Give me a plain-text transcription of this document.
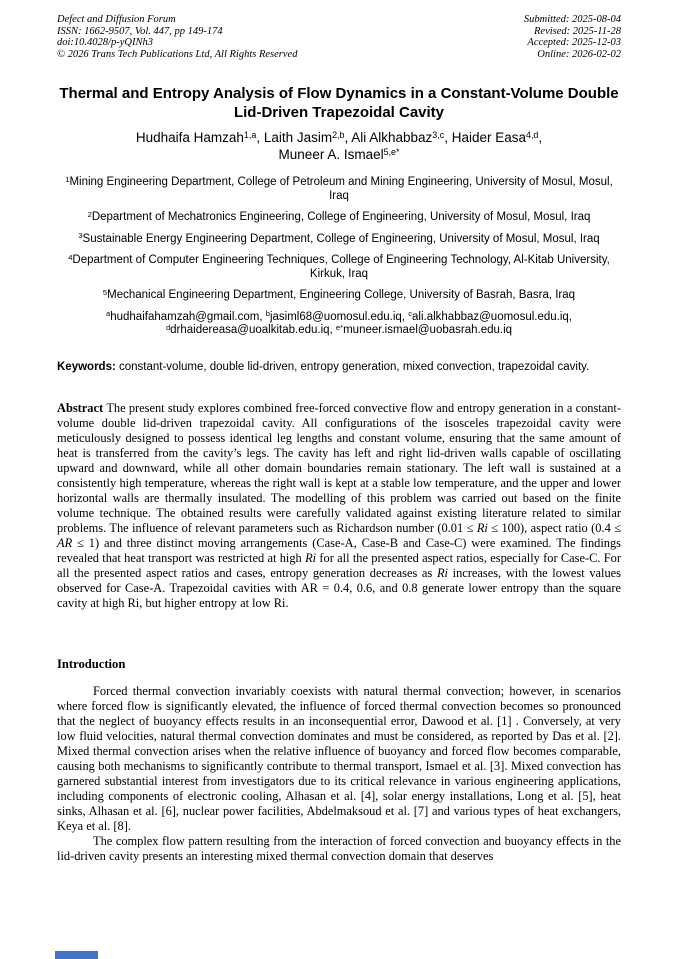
Defect and Diffusion Forum
ISSN: 1662-9507, Vol. 447, pp 149-174
doi:10.4028/p-yQINh3
© 2026 Trans Tech Publications Ltd, All Rights Reserved
Submitted: 2025-08-04
Revised: 2025-11-28
Accepted: 2025-12-03
Online: 2026-02-02
Thermal and Entropy Analysis of Flow Dynamics in a Constant-Volume Double Lid-Driven Trapezoidal Cavity
Hudhaifa Hamzah$^{1,a}$, Laith Jasim$^{2,b}$, Ali Alkhabbaz$^{3,c}$, Haider Easa$^{4,d}$,
Muneer A. Ismael$^{5,e*}$
$^1$Mining Engineering Department, College of Petroleum and Mining Engineering, University of Mosul, Mosul, Iraq
$^2$Department of Mechatronics Engineering, College of Engineering, University of Mosul, Mosul, Iraq
$^3$Sustainable Energy Engineering Department, College of Engineering, University of Mosul, Mosul, Iraq
$^4$Department of Computer Engineering Techniques, College of Engineering Technology, Al-Kitab University, Kirkuk, Iraq
$^5$Mechanical Engineering Department, Engineering College, University of Basrah, Basra, Iraq
$^a$hudhaifahamzah@gmail.com, $^b$jasiml68@uomosul.edu.iq, $^c$ali.alkhabbaz@uomosul.edu.iq, $^d$drhaidereasa@uoalkitab.edu.iq, $^{e*}$muneer.ismael@uobasrah.edu.iq

Keywords: constant-volume, double lid-driven, entropy generation, mixed convection, trapezoidal cavity.

Abstract The present study explores combined free-forced convective flow and entropy generation in a constant-volume double lid-driven trapezoidal cavity. All configurations of the isosceles trapezoidal cavity were meticulously designed to possess identical leg lengths and constant volume, ensuring that the same amount of heat is transferred from the cavity’s legs. The cavity has left and right lid-driven walls capable of oscillating upward and downward, while all other domain boundaries remain stationary. The left wall is sustained at a consistently high temperature, whereas the right wall is kept at a stable low temperature, and the upper and lower horizontal walls are thermally insulated. The modelling of this problem was carried out based on the finite volume technique. The obtained results were carefully validated against existing literature related to similar problems. The influence of relevant parameters such as Richardson number (0.01 ≤ Ri ≤ 100), aspect ratio (0.4 ≤ AR ≤ 1) and three distinct moving arrangements (Case-A, Case-B and Case-C) were examined. The findings revealed that heat transport was restricted at high Ri for all the presented aspect ratios, especially for Case-C. For all the presented aspect ratios and cases, entropy generation decreases as Ri increases, with the lowest values observed for Case-A. Trapezoidal cavities with AR = 0.4, 0.6, and 0.8 generate lower entropy than the square cavity at high Ri, but higher entropy at low Ri.

Introduction

Forced thermal convection invariably coexists with natural thermal convection; however, in scenarios where forced flow is significantly elevated, the influence of forced thermal convection becomes so pronounced that the neglect of buoyancy effects results in an inconsequential error, Dawood et al. [1] . Conversely, at very low fluid velocities, natural thermal convection dominates and must be considered, as reported by Das et al. [2]. Mixed thermal convection arises when the relative influence of buoyancy and forced flow becomes comparable, causing both mechanisms to significantly contribute to thermal transport, Ismael et al. [3]. Mixed convection has garnered substantial interest from investigators due to its critical relevance in various engineering applications, including components of electronic cooling, Alhasan et al. [4], solar energy installations, Long et al. [5], heat sinks, Alhasan et al. [6], nuclear power facilities, Abdelmaksoud et al. [7] and various types of heat exchangers, Keya et al. [8].

The complex flow pattern resulting from the interaction of forced convection and buoyancy effects in the lid-driven cavity presents an interesting mixed thermal convection domain that deserves
